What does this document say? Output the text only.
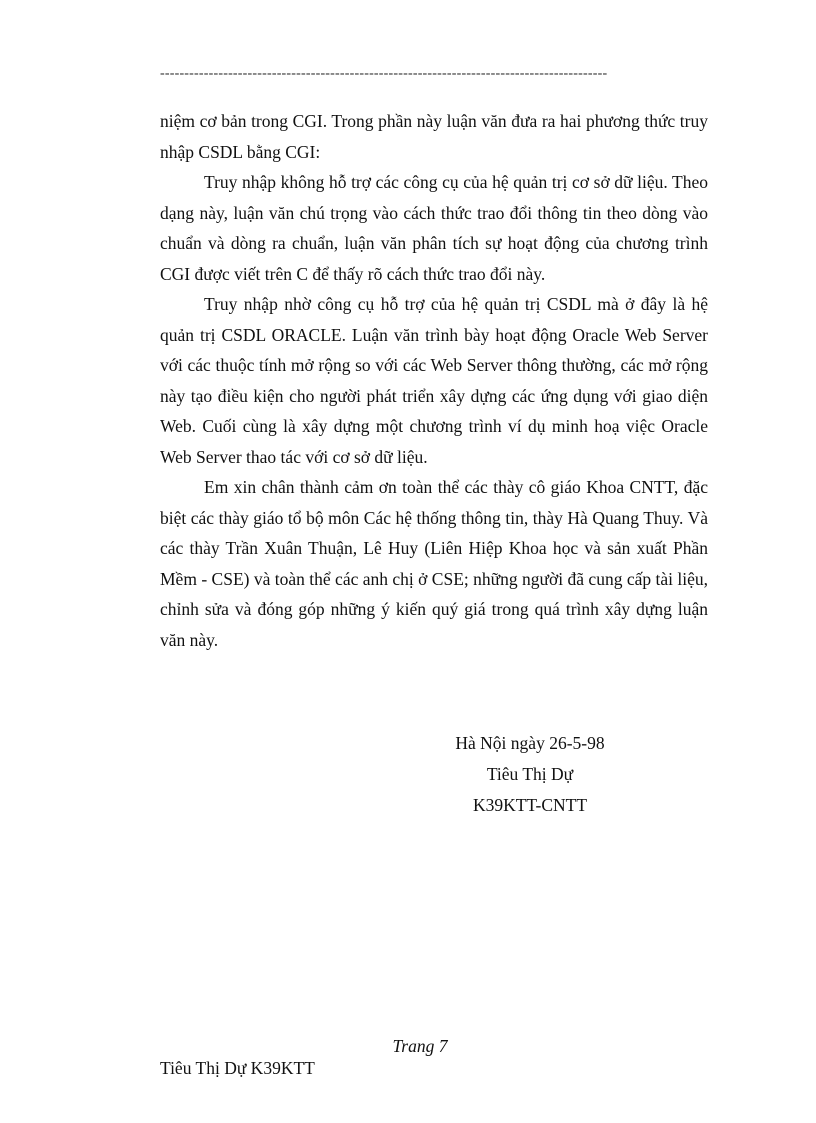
--------------------------------------------------------------------------------------------

niệm cơ bản trong CGI. Trong phần này luận văn đưa ra hai phương thức truy nhập CSDL bằng CGI:

Truy nhập không hỗ trợ các công cụ của hệ quản trị cơ sở dữ liệu. Theo dạng này, luận văn chú trọng vào cách thức trao đổi thông tin theo dòng vào chuẩn và dòng ra chuẩn, luận văn phân tích sự hoạt động của chương trình CGI được viết trên C để thấy rõ cách thức trao đổi này.

Truy nhập nhờ công cụ hỗ trợ của hệ quản trị CSDL mà ở đây là hệ quản trị CSDL ORACLE. Luận văn trình bày hoạt động Oracle Web Server với các thuộc tính mở rộng so với các Web Server thông thường, các mở rộng này tạo điều kiện cho người phát triển xây dựng các ứng dụng với giao diện Web. Cuối cùng là xây dựng một chương trình ví dụ minh hoạ việc Oracle Web Server thao tác với cơ sở dữ liệu.

Em xin chân thành cảm ơn toàn thể các thày cô giáo Khoa CNTT, đặc biệt các thày giáo tổ bộ môn Các hệ thống thông tin, thày Hà Quang Thuy. Và các thày Trần Xuân Thuận, Lê Huy (Liên Hiệp Khoa học và sản xuất Phần Mềm - CSE) và toàn thể các anh chị ở CSE; những người đã cung cấp tài liệu, chỉnh sửa và đóng góp những ý kiến quý giá trong quá trình xây dựng luận văn này.

Hà Nội ngày 26-5-98
Tiêu Thị Dự
K39KTT-CNTT
Trang 7
Tiêu Thị Dự K39KTT
